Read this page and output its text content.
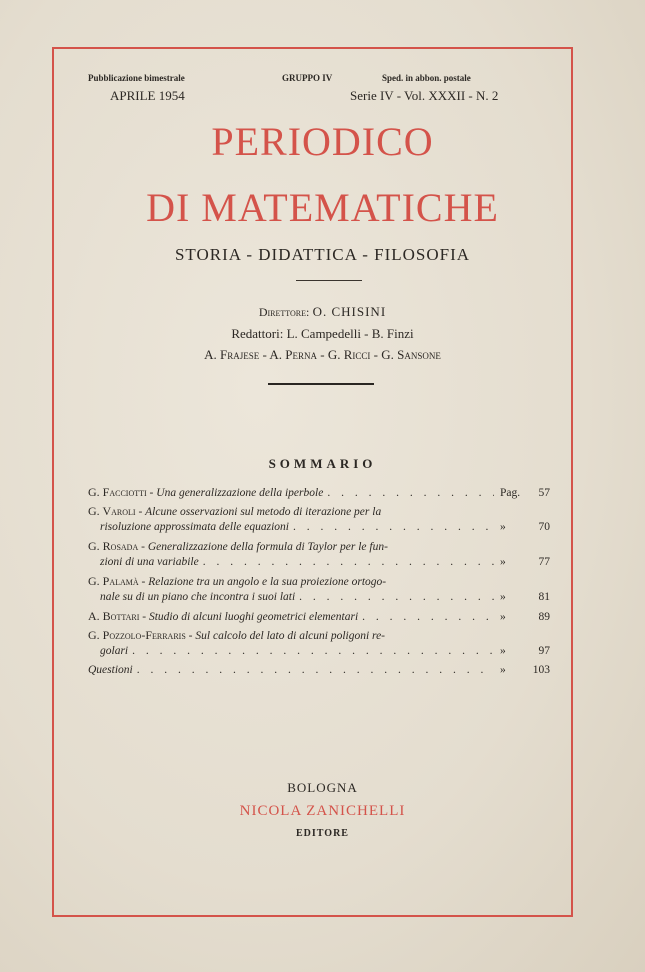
Pubblicazione bimestrale	GRUPPO IV	Sped. in abbon. postale
APRILE 1954	Serie IV - Vol. XXXII - N. 2
PERIODICO
DI MATEMATICHE
STORIA - DIDATTICA - FILOSOFIA
Direttore: O. CHISINI
Redattori: L. Campedelli - B. Finzi
A. Frajese - A. Perna - G. Ricci - G. Sansone
SOMMARIO
G. Facciotti - Una generalizzazione della iperbole . . .	Pag. 57
G. Varoli - Alcune osservazioni sul metodo di iterazione per la
risoluzione approssimata delle equazioni . . .	»	70
G. Rosada - Generalizzazione della formula di Taylor per le fun-
zioni di una variabile . . .	»	77
G. Palamà - Relazione tra un angolo e la sua proiezione ortogo-
nale su di un piano che incontra i suoi lati . . .	»	81
A. Bottari - Studio di alcuni luoghi geometrici elementari . . .	»	89
G. Pozzolo-Ferraris - Sul calcolo del lato di alcuni poligoni re-
golari . . .	»	97
Questioni . . .	» 103
BOLOGNA
NICOLA ZANICHELLI
EDITORE
